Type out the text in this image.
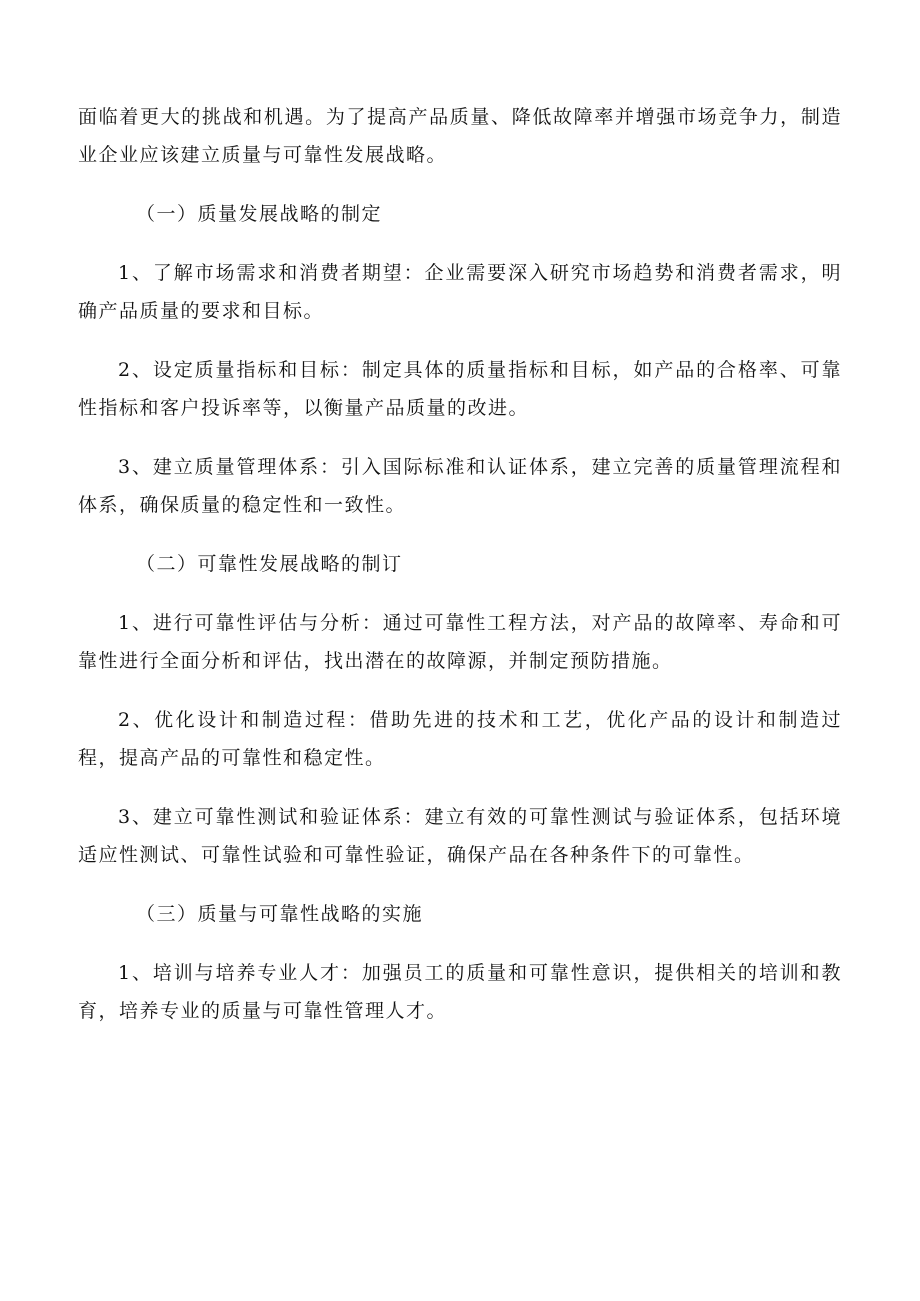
面临着更大的挑战和机遇。为了提高产品质量、降低故障率并增强市场竞争力，制造业企业应该建立质量与可靠性发展战略。

（一）质量发展战略的制定

1、了解市场需求和消费者期望：企业需要深入研究市场趋势和消费者需求，明确产品质量的要求和目标。

2、设定质量指标和目标：制定具体的质量指标和目标，如产品的合格率、可靠性指标和客户投诉率等，以衡量产品质量的改进。

3、建立质量管理体系：引入国际标准和认证体系，建立完善的质量管理流程和体系，确保质量的稳定性和一致性。

（二）可靠性发展战略的制订

1、进行可靠性评估与分析：通过可靠性工程方法，对产品的故障率、寿命和可靠性进行全面分析和评估，找出潜在的故障源，并制定预防措施。

2、优化设计和制造过程：借助先进的技术和工艺，优化产品的设计和制造过程，提高产品的可靠性和稳定性。

3、建立可靠性测试和验证体系：建立有效的可靠性测试与验证体系，包括环境适应性测试、可靠性试验和可靠性验证，确保产品在各种条件下的可靠性。

（三）质量与可靠性战略的实施

1、培训与培养专业人才：加强员工的质量和可靠性意识，提供相关的培训和教育，培养专业的质量与可靠性管理人才。
